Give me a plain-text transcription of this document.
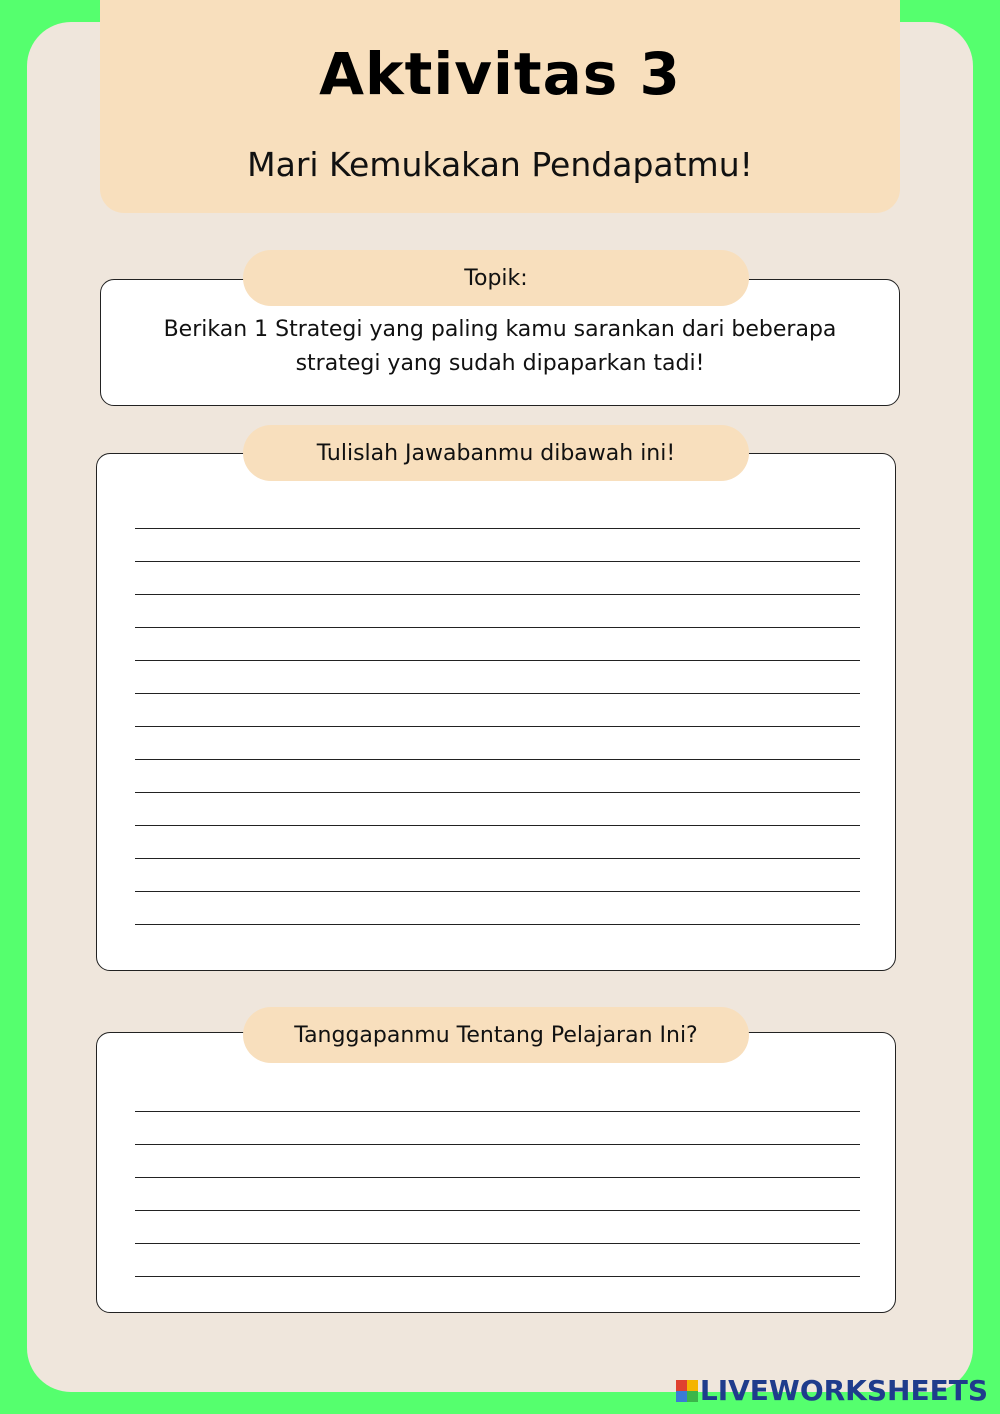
Aktivitas 3
Mari Kemukakan Pendapatmu!
Topik:
Berikan 1 Strategi yang paling kamu sarankan dari beberapa
strategi yang sudah dipaparkan tadi!
Tulislah Jawabanmu dibawah ini!
Tanggapanmu Tentang Pelajaran Ini?
LIVEWORKSHEETS
